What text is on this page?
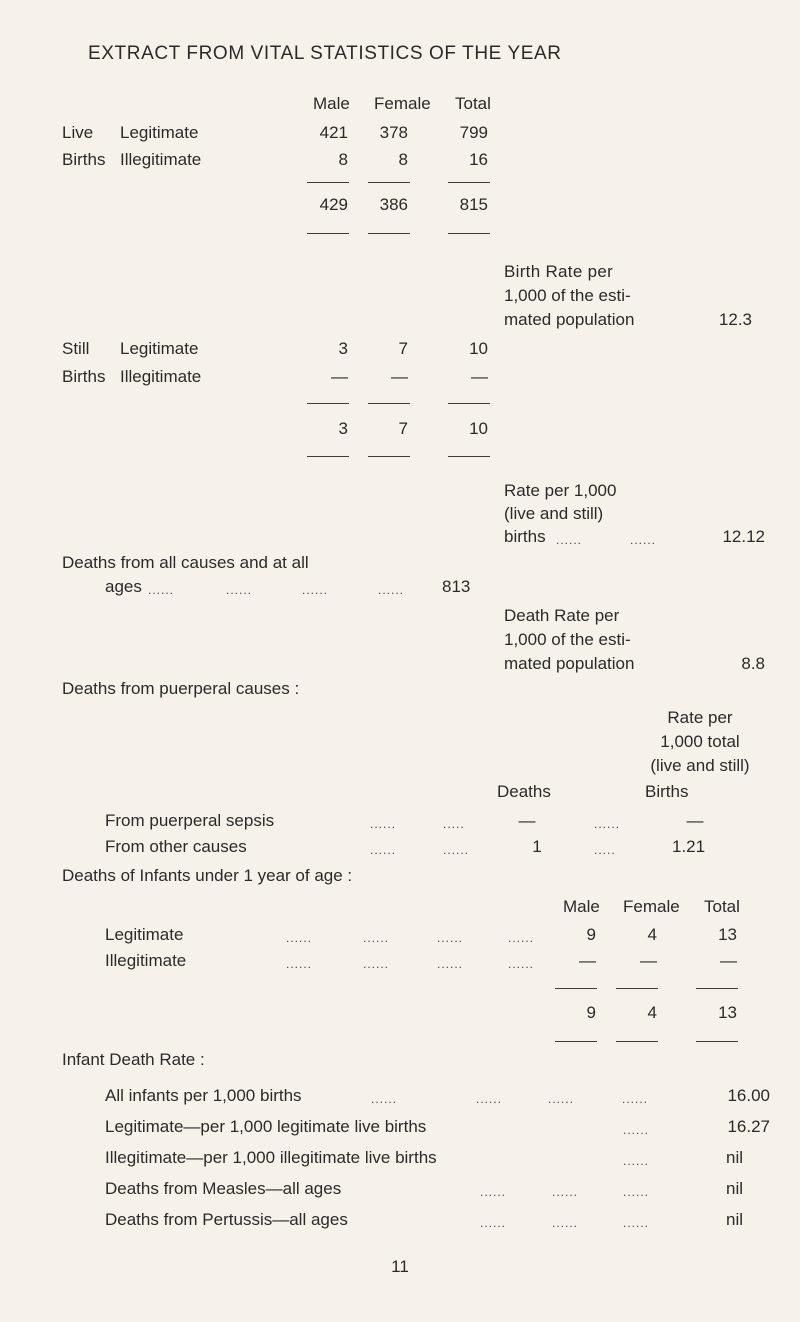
EXTRACT FROM VITAL STATISTICS OF THE YEAR
Male Female Total
Live Legitimate	421	378	799
Births Illegitimate	8	8	16
429	386	815
Birth Rate per
1,000 of the esti-
mated population	12.3
Still Legitimate	3	7	10
Births Illegitimate	—	—	—
3	7	10
Rate per 1,000
(live and still)
births ......	......	12.12
Deaths from all causes and at all
ages ......	......	......	...... 813
Death Rate per
1,000 of the esti-
mated population	8.8
Deaths from puerperal causes :
Rate per
1,000 total
(live and still)
Deaths	Births
From puerperal sepsis	......	.....	—	......	—
From other causes	......	......	1	.....	1.21
Deaths of Infants under 1 year of age :
Male Female Total
Legitimate	......	......	......	......	9	4	13
Illegitimate	......	......	......	......	—	—	—
9	4	13
Infant Death Rate :
All infants per 1,000 births	......	......	......	......	16.00
Legitimate—per 1,000 legitimate live births	......	16.27
Illegitimate—per 1,000 illegitimate live births	......	nil
Deaths from Measles—all ages	......	......	......	nil
Deaths from Pertussis—all ages	......	......	......	nil
11
